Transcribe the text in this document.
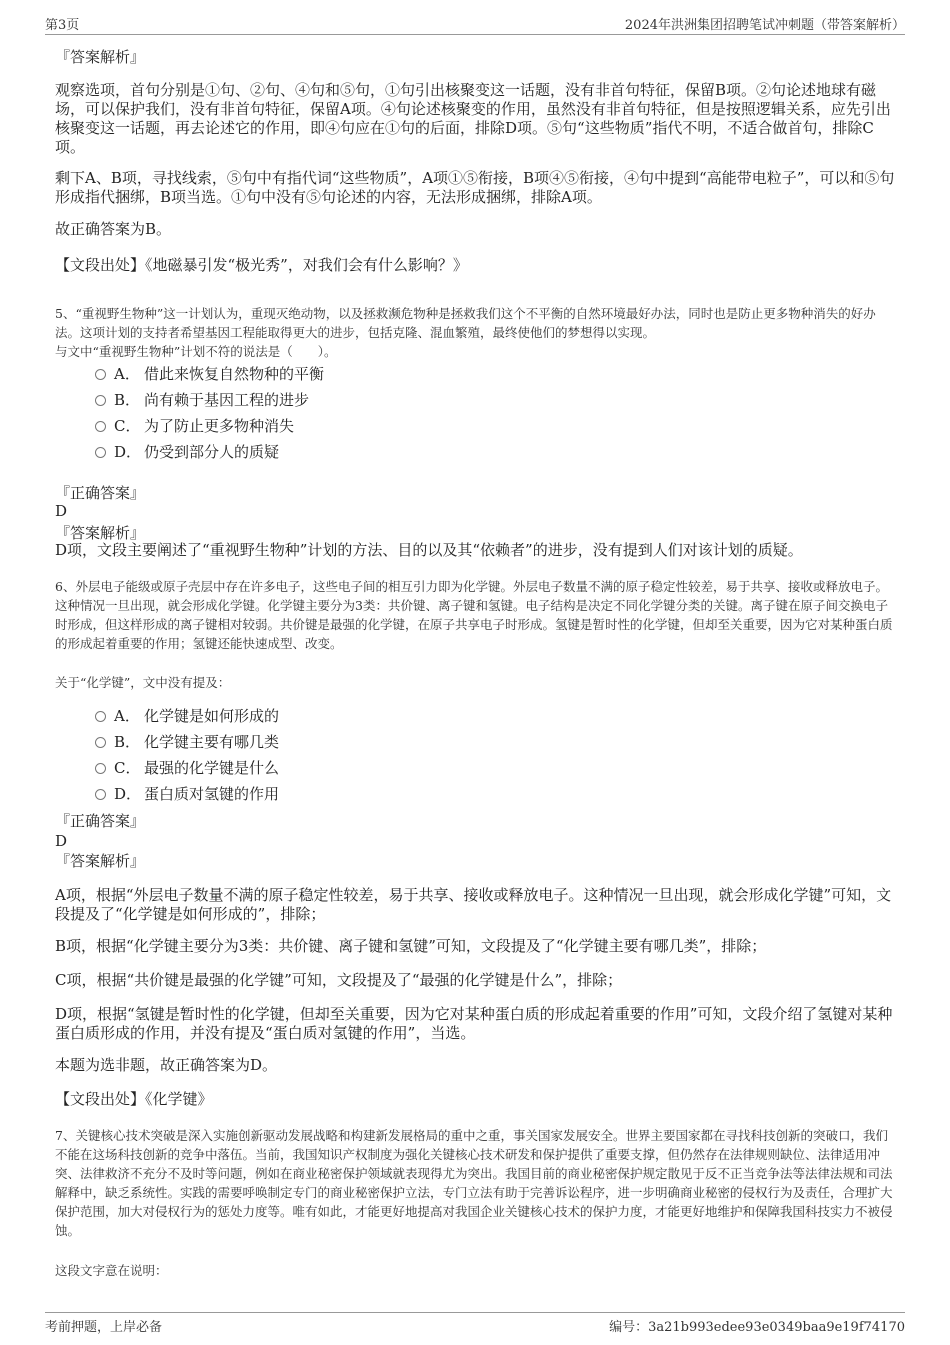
第3页	2024年洪洲集团招聘笔试冲刺题（带答案解析）

『答案解析』

观察选项，首句分别是①句、②句、④句和⑤句，①句引出核聚变这一话题，没有非首句特征，保留B项。②句论述地球有磁场，可以保护我们，没有非首句特征，保留A项。④句论述核聚变的作用，虽然没有非首句特征，但是按照逻辑关系，应先引出核聚变这一话题，再去论述它的作用，即④句应在①句的后面，排除D项。⑤句“这些物质”指代不明，不适合做首句，排除C项。

剩下A、B项，寻找线索，⑤句中有指代词“这些物质”，A项①⑤衔接，B项④⑤衔接，④句中提到“高能带电粒子”，可以和⑤句形成指代捆绑，B项当选。①句中没有⑤句论述的内容，无法形成捆绑，排除A项。

故正确答案为B。

【文段出处】《地磁暴引发“极光秀”，对我们会有什么影响？》

5、“重视野生物种”这一计划认为，重现灭绝动物，以及拯救濒危物种是拯救我们这个不平衡的自然环境最好办法，同时也是防止更多物种消失的好办法。这项计划的支持者希望基因工程能取得更大的进步，包括克隆、混血繁殖，最终使他们的梦想得以实现。

与文中“重视野生物种”计划不符的说法是（　　）。

A． 借此来恢复自然物种的平衡
B． 尚有赖于基因工程的进步
C． 为了防止更多物种消失
D． 仍受到部分人的质疑

『正确答案』

D

『答案解析』

D项，文段主要阐述了“重视野生物种”计划的方法、目的以及其“依赖者”的进步，没有提到人们对该计划的质疑。

6、外层电子能级或原子壳层中存在许多电子，这些电子间的相互引力即为化学键。外层电子数量不满的原子稳定性较差，易于共享、接收或释放电子。这种情况一旦出现，就会形成化学键。化学键主要分为3类：共价键、离子键和氢键。电子结构是决定不同化学键分类的关键。离子键在原子间交换电子时形成，但这样形成的离子键相对较弱。共价键是最强的化学键，在原子共享电子时形成。氢键是暂时性的化学键，但却至关重要，因为它对某种蛋白质的形成起着重要的作用；氢键还能快速成型、改变。

关于“化学键”，文中没有提及：

A． 化学键是如何形成的
B． 化学键主要有哪几类
C． 最强的化学键是什么
D． 蛋白质对氢键的作用

『正确答案』

D

『答案解析』

A项，根据“外层电子数量不满的原子稳定性较差，易于共享、接收或释放电子。这种情况一旦出现，就会形成化学键”可知，文段提及了“化学键是如何形成的”，排除；

B项，根据“化学键主要分为3类：共价键、离子键和氢键”可知，文段提及了“化学键主要有哪几类”，排除；

C项，根据“共价键是最强的化学键”可知，文段提及了“最强的化学键是什么”，排除；

D项，根据“氢键是暂时性的化学键，但却至关重要，因为它对某种蛋白质的形成起着重要的作用”可知，文段介绍了氢键对某种蛋白质形成的作用，并没有提及“蛋白质对氢键的作用”，当选。

本题为选非题，故正确答案为D。

【文段出处】《化学键》

7、关键核心技术突破是深入实施创新驱动发展战略和构建新发展格局的重中之重，事关国家发展安全。世界主要国家都在寻找科技创新的突破口，我们不能在这场科技创新的竞争中落伍。当前，我国知识产权制度为强化关键核心技术研发和保护提供了重要支撑，但仍然存在法律规则缺位、法律适用冲突、法律救济不充分不及时等问题，例如在商业秘密保护领域就表现得尤为突出。我国目前的商业秘密保护规定散见于反不正当竞争法等法律法规和司法解释中，缺乏系统性。实践的需要呼唤制定专门的商业秘密保护立法，专门立法有助于完善诉讼程序，进一步明确商业秘密的侵权行为及责任，合理扩大保护范围，加大对侵权行为的惩处力度等。唯有如此，才能更好地提高对我国企业关键核心技术的保护力度，才能更好地维护和保障我国科技实力不被侵蚀。

这段文字意在说明：

考前押题，上岸必备	编号：3a21b993edee93e0349baa9e19f74170
